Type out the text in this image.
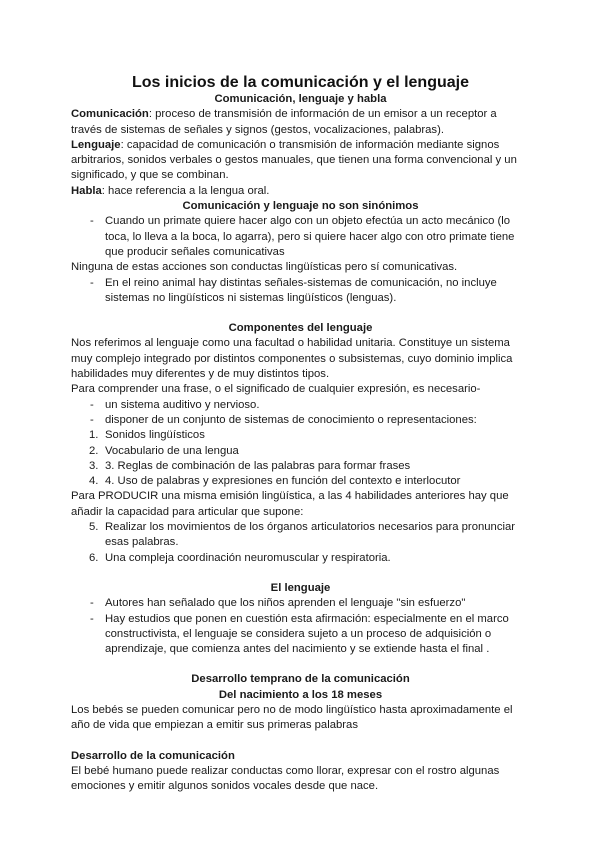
Los inicios de la comunicación y el lenguaje

Comunicación, lenguaje y habla

Comunicación: proceso de transmisión de información de un emisor a un receptor a través de sistemas de señales y signos (gestos, vocalizaciones, palabras).

Lenguaje: capacidad de comunicación o transmisión de información mediante signos arbitrarios, sonidos verbales o gestos manuales, que tienen una forma convencional y un significado, y que se combinan.

Habla: hace referencia a la lengua oral.

Comunicación y lenguaje no son sinónimos

- Cuando un primate quiere hacer algo con un objeto efectúa un acto mecánico (lo toca, lo lleva a la boca, lo agarra), pero si quiere hacer algo con otro primate tiene que producir señales comunicativas

Ninguna de estas acciones son conductas lingüísticas pero sí comunicativas.

- En el reino animal hay distintas señales-sistemas de comunicación, no incluye sistemas no lingüísticos ni sistemas lingüísticos (lenguas).

Componentes del lenguaje

Nos referimos al lenguaje como una facultad o habilidad unitaria. Constituye un sistema muy complejo integrado por distintos componentes o subsistemas, cuyo dominio implica habilidades muy diferentes y de muy distintos tipos.

Para comprender una frase, o el significado de cualquier expresión, es necesario-

- un sistema auditivo y nervioso.
- disponer de un conjunto de sistemas de conocimiento o representaciones:
1. Sonidos lingüísticos
2. Vocabulario de una lengua
3. 3. Reglas de combinación de las palabras para formar frases
4. 4. Uso de palabras y expresiones en función del contexto e interlocutor

Para PRODUCIR una misma emisión lingüística, a las 4 habilidades anteriores hay que añadir la capacidad para articular que supone:

5. Realizar los movimientos de los órganos articulatorios necesarios para pronunciar esas palabras.
6. Una compleja coordinación neuromuscular y respiratoria.

El lenguaje

- Autores han señalado que los niños aprenden el lenguaje "sin esfuerzo"
- Hay estudios que ponen en cuestión esta afirmación: especialmente en el marco constructivista, el lenguaje se considera sujeto a un proceso de adquisición o aprendizaje, que comienza antes del nacimiento y se extiende hasta el final .

Desarrollo temprano de la comunicación

Del nacimiento a los 18 meses

Los bebés se pueden comunicar pero no de modo lingüístico hasta aproximadamente el año de vida que empiezan a emitir sus primeras palabras

Desarrollo de la comunicación

El bebé humano puede realizar conductas como llorar, expresar con el rostro algunas emociones y emitir algunos sonidos vocales desde que nace.
